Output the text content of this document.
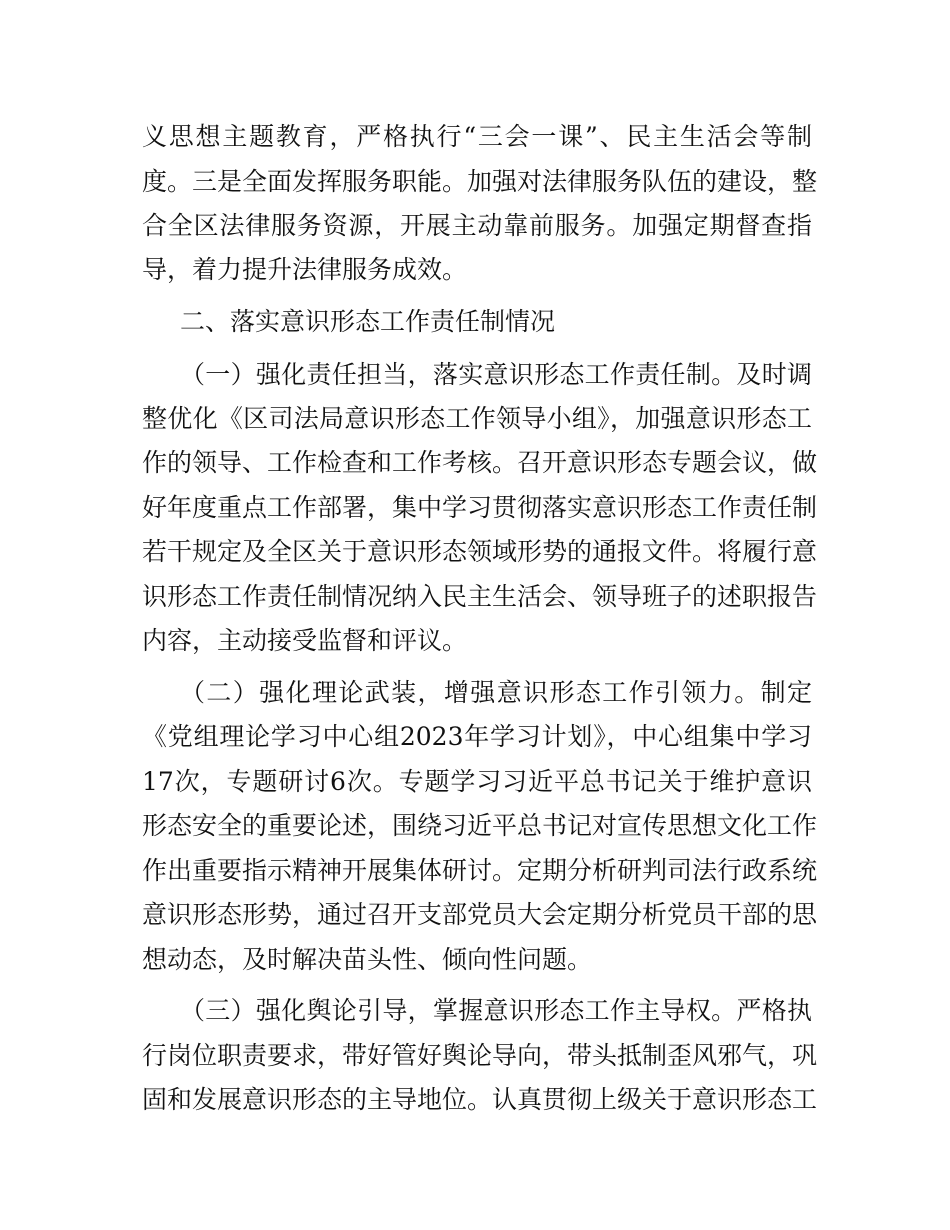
义思想主题教育，严格执行“三会一课”、民主生活会等制
度。三是全面发挥服务职能。加强对法律服务队伍的建设，整
合全区法律服务资源，开展主动靠前服务。加强定期督查指
导，着力提升法律服务成效。
二、落实意识形态工作责任制情况
（一）强化责任担当，落实意识形态工作责任制。及时调
整优化《区司法局意识形态工作领导小组》，加强意识形态工
作的领导、工作检查和工作考核。召开意识形态专题会议，做
好年度重点工作部署，集中学习贯彻落实意识形态工作责任制
若干规定及全区关于意识形态领域形势的通报文件。将履行意
识形态工作责任制情况纳入民主生活会、领导班子的述职报告
内容，主动接受监督和评议。
（二）强化理论武装，增强意识形态工作引领力。制定
《党组理论学习中心组2023年学习计划》，中心组集中学习
17次，专题研讨6次。专题学习习近平总书记关于维护意识
形态安全的重要论述，围绕习近平总书记对宣传思想文化工作
作出重要指示精神开展集体研讨。定期分析研判司法行政系统
意识形态形势，通过召开支部党员大会定期分析党员干部的思
想动态，及时解决苗头性、倾向性问题。
（三）强化舆论引导，掌握意识形态工作主导权。严格执
行岗位职责要求，带好管好舆论导向，带头抵制歪风邪气，巩
固和发展意识形态的主导地位。认真贯彻上级关于意识形态工
